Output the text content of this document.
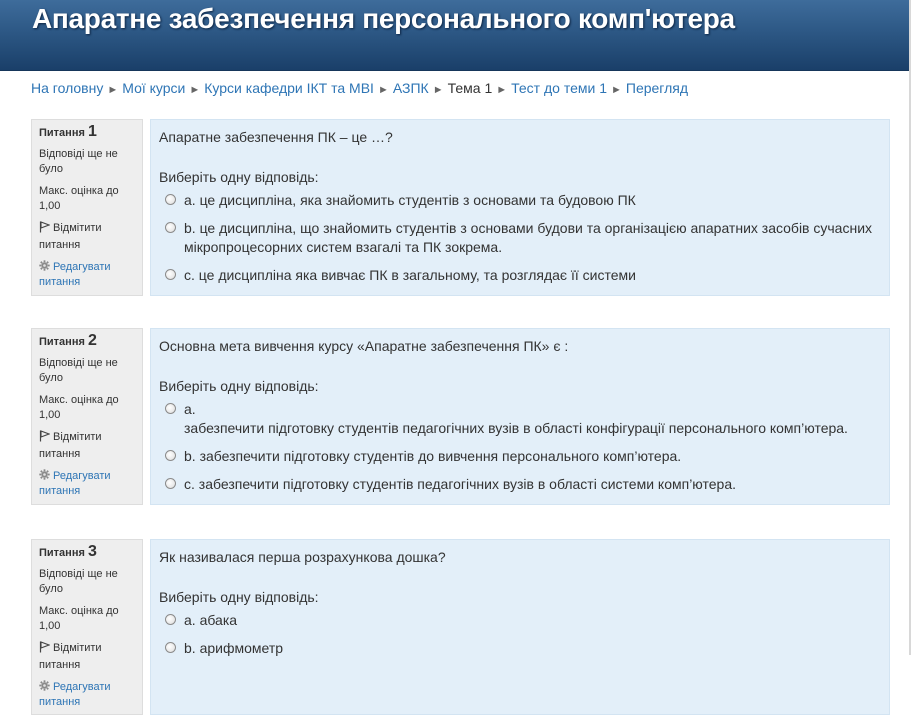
Апаратне забезпечення персонального комп'ютера
На головну ► Мої курси ► Курси кафедри ІКТ та МВІ ► АЗПК ► Тема 1 ► Тест до теми 1 ► Перегляд
Питання 1
Відповіді ще не було
Макс. оцінка до 1,00
Відмітити питання
Редагувати питання
Апаратне забезпечення ПК – це …?
Виберіть одну відповідь:
a. це дисципліна, яка знайомить студентів з основами та будовою ПК
b. це дисципліна, що знайомить студентів з основами будови та організацією апаратних засобів сучасних мікропроцесорних систем взагалі та ПК зокрема.
c. це дисципліна яка вивчає ПК в загальному, та розглядає її системи
Питання 2
Відповіді ще не було
Макс. оцінка до 1,00
Відмітити питання
Редагувати питання
Основна мета вивчення курсу «Апаратне забезпечення ПК» є :
Виберіть одну відповідь:
a.
забезпечити підготовку студентів педагогічних вузів в області конфігурації персонального комп’ютера.
b. забезпечити підготовку студентів до вивчення персонального комп’ютера.
c. забезпечити підготовку студентів педагогічних вузів в області системи комп’ютера.
Питання 3
Відповіді ще не було
Макс. оцінка до 1,00
Відмітити питання
Редагувати питання
Як називалася перша розрахункова дошка?
Виберіть одну відповідь:
a. абака
b. арифмометр
